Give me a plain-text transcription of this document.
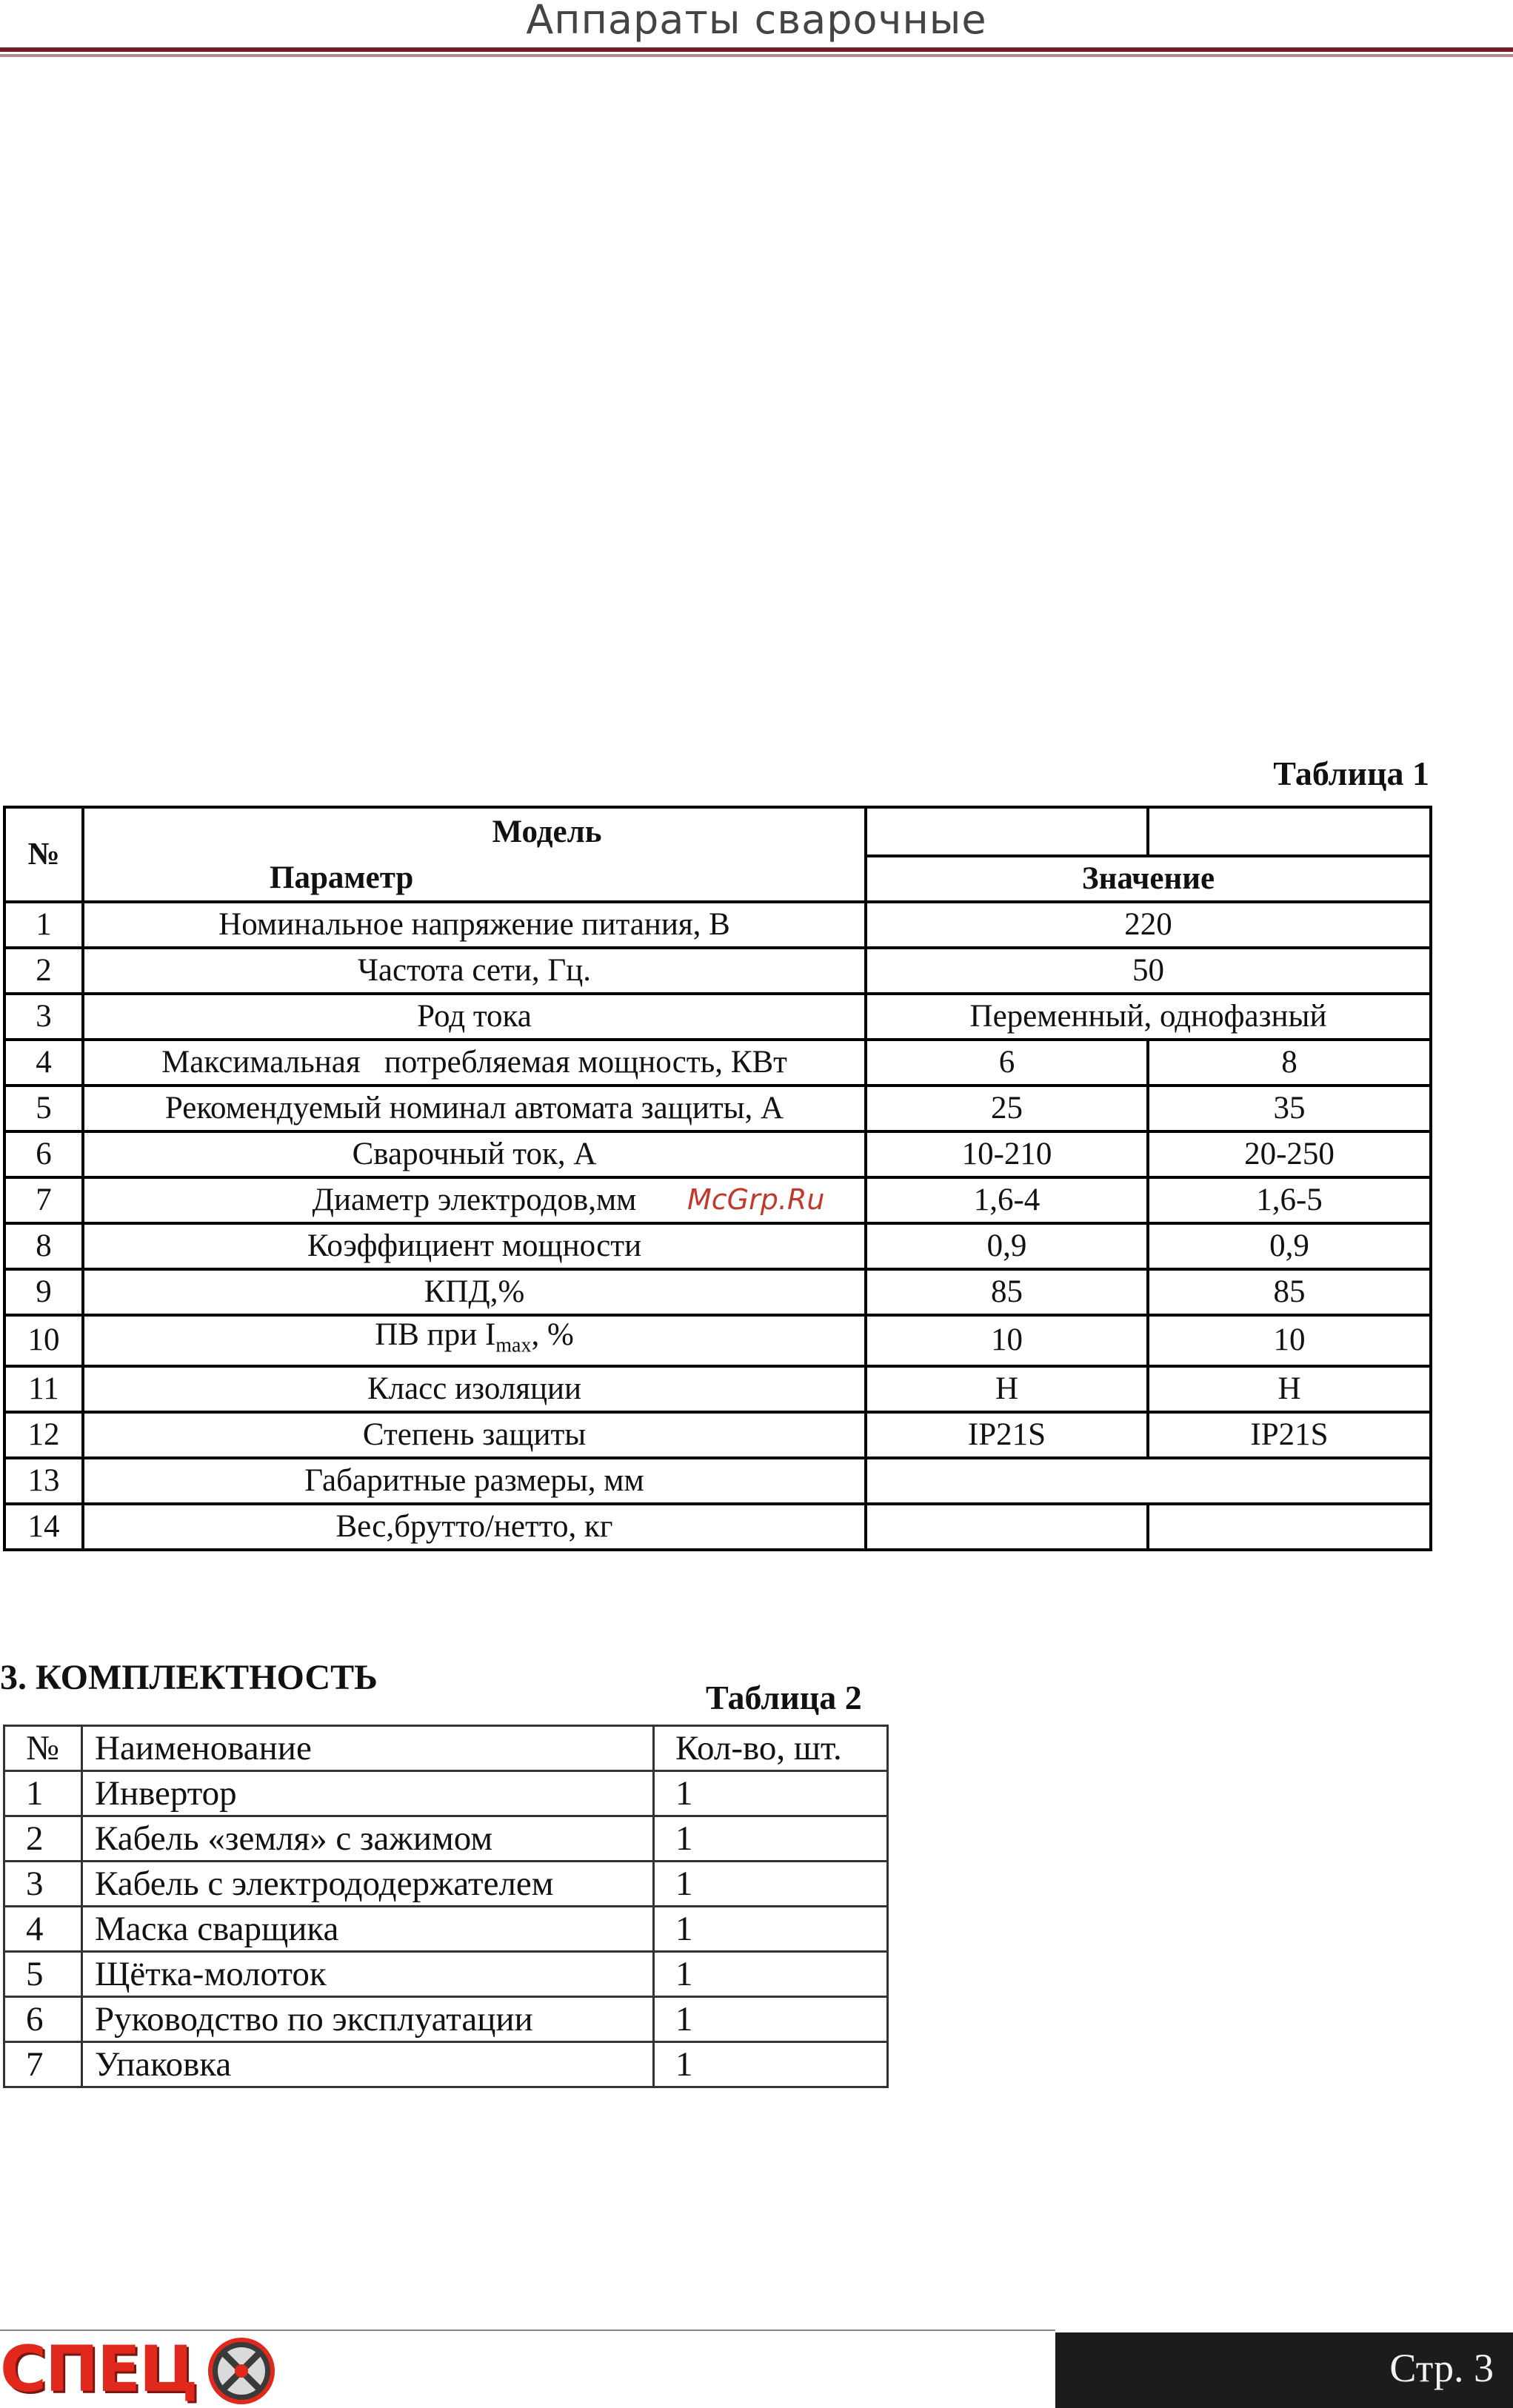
Аппараты сварочные
Таблица 1
№	Модель		
	Параметр	Значение	
1	Номинальное напряжение питания, В	220	
2	Частота сети, Гц.	50	
3	Род тока	Переменный, однофазный	
4	Максимальная   потребляемая мощность, КВт	6	8
5	Рекомендуемый номинал автомата защиты, А	25	35
6	Сварочный ток, А	10-210	20-250
7	Диаметр электродов,мм	1,6-4	1,6-5
8	Коэффициент мощности	0,9	0,9
9	КПД,%	85	85
10	ПВ при $I_{max}$, %	10	10
11	Класс изоляции	Н	Н
12	Степень защиты	IP21S	IP21S
13	Габаритные размеры, мм		
14	Вес,брутто/нетто, кг		
McGrp.Ru
3. КОМПЛЕКТНОСТЬ
Таблица 2
№	Наименование	Кол-во, шт.
1	Инвертор	1
2	Кабель «земля» с зажимом	1
3	Кабель с электрододержателем	1
4	Маска сварщика	1
5	Щётка-молоток	1
6	Руководство по эксплуатации	1
7	Упаковка	1
СПЕЦ	Стр. 3
